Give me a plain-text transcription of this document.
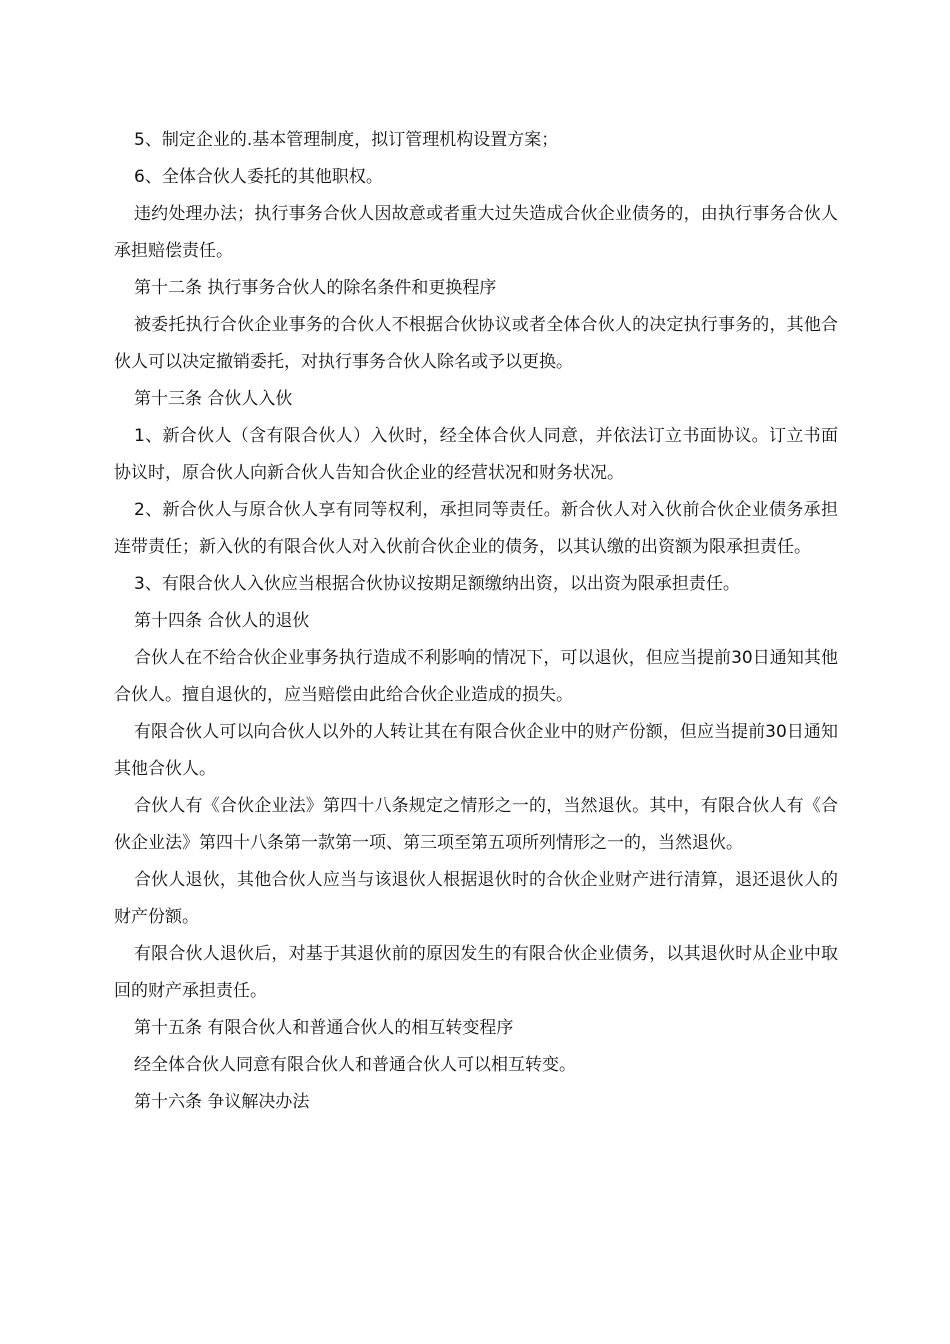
5、制定企业的.基本管理制度，拟订管理机构设置方案；

6、全体合伙人委托的其他职权。

违约处理办法；执行事务合伙人因故意或者重大过失造成合伙企业债务的，由执行事务合伙人承担赔偿责任。

第十二条 执行事务合伙人的除名条件和更换程序

被委托执行合伙企业事务的合伙人不根据合伙协议或者全体合伙人的决定执行事务的，其他合伙人可以决定撤销委托，对执行事务合伙人除名或予以更换。

第十三条 合伙人入伙

1、新合伙人（含有限合伙人）入伙时，经全体合伙人同意，并依法订立书面协议。订立书面协议时，原合伙人向新合伙人告知合伙企业的经营状况和财务状况。

2、新合伙人与原合伙人享有同等权利，承担同等责任。新合伙人对入伙前合伙企业债务承担连带责任；新入伙的有限合伙人对入伙前合伙企业的债务，以其认缴的出资额为限承担责任。

3、有限合伙人入伙应当根据合伙协议按期足额缴纳出资，以出资为限承担责任。

第十四条 合伙人的退伙

合伙人在不给合伙企业事务执行造成不利影响的情况下，可以退伙，但应当提前30日通知其他合伙人。擅自退伙的，应当赔偿由此给合伙企业造成的损失。

有限合伙人可以向合伙人以外的人转让其在有限合伙企业中的财产份额，但应当提前30日通知其他合伙人。

合伙人有《合伙企业法》第四十八条规定之情形之一的，当然退伙。其中，有限合伙人有《合伙企业法》第四十八条第一款第一项、第三项至第五项所列情形之一的，当然退伙。

合伙人退伙，其他合伙人应当与该退伙人根据退伙时的合伙企业财产进行清算，退还退伙人的财产份额。

有限合伙人退伙后，对基于其退伙前的原因发生的有限合伙企业债务，以其退伙时从企业中取回的财产承担责任。

第十五条 有限合伙人和普通合伙人的相互转变程序

经全体合伙人同意有限合伙人和普通合伙人可以相互转变。

第十六条 争议解决办法
